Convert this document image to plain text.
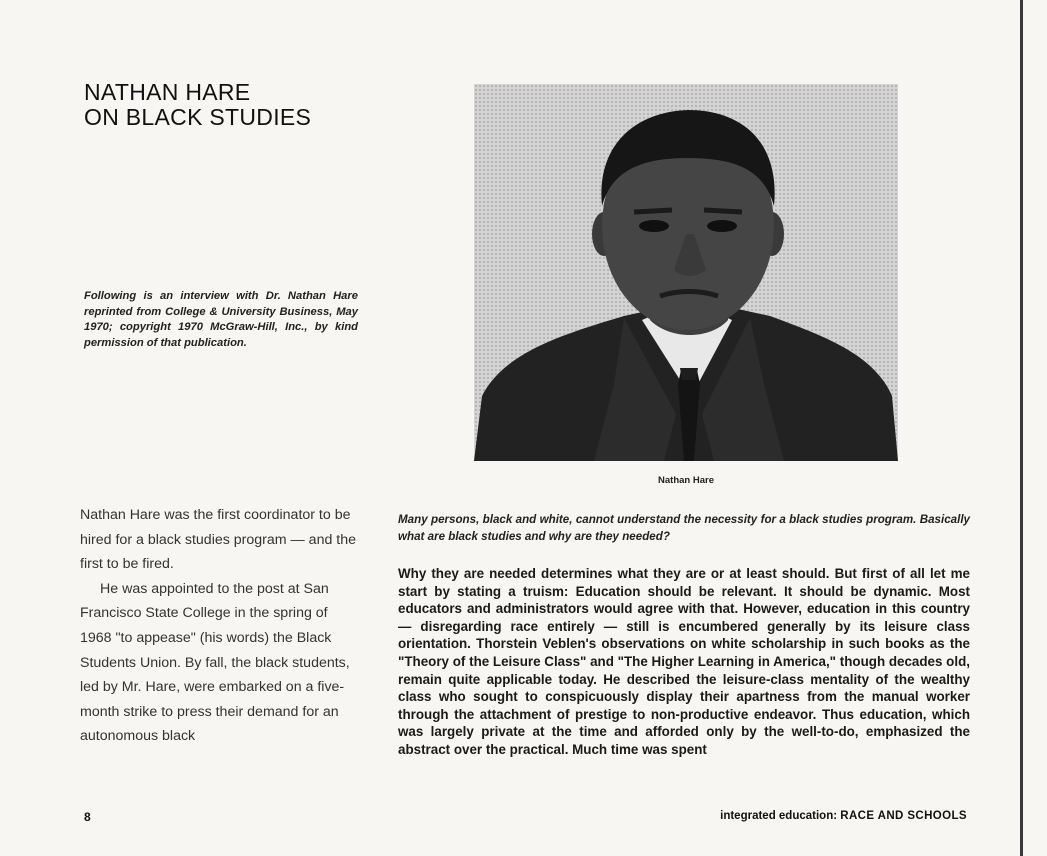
NATHAN HARE
ON BLACK STUDIES

Following is an interview with Dr. Nathan Hare reprinted from College & University Business, May 1970; copyright 1970 McGraw-Hill, Inc., by kind permission of that publication.

Nathan Hare

Nathan Hare was the first coordinator to be hired for a black studies program — and the first to be fired.

He was appointed to the post at San Francisco State College in the spring of 1968 "to appease" (his words) the Black Students Union. By fall, the black students, led by Mr. Hare, were embarked on a five-month strike to press their demand for an autonomous black

Many persons, black and white, cannot understand the necessity for a black studies program. Basically what are black studies and why are they needed?

Why they are needed determines what they are or at least should. But first of all let me start by stating a truism: Education should be relevant. It should be dynamic. Most educators and administrators would agree with that. However, education in this country — disregarding race entirely — still is encumbered generally by its leisure class orientation. Thorstein Veblen's observations on white scholarship in such books as the "Theory of the Leisure Class" and "The Higher Learning in America," though decades old, remain quite applicable today. He described the leisure-class mentality of the wealthy class who sought to conspicuously display their apartness from the manual worker through the attachment of prestige to non-productive endeavor. Thus education, which was largely private at the time and afforded only by the well-to-do, emphasized the abstract over the practical. Much time was spent

8	integrated education: RACE AND SCHOOLS
